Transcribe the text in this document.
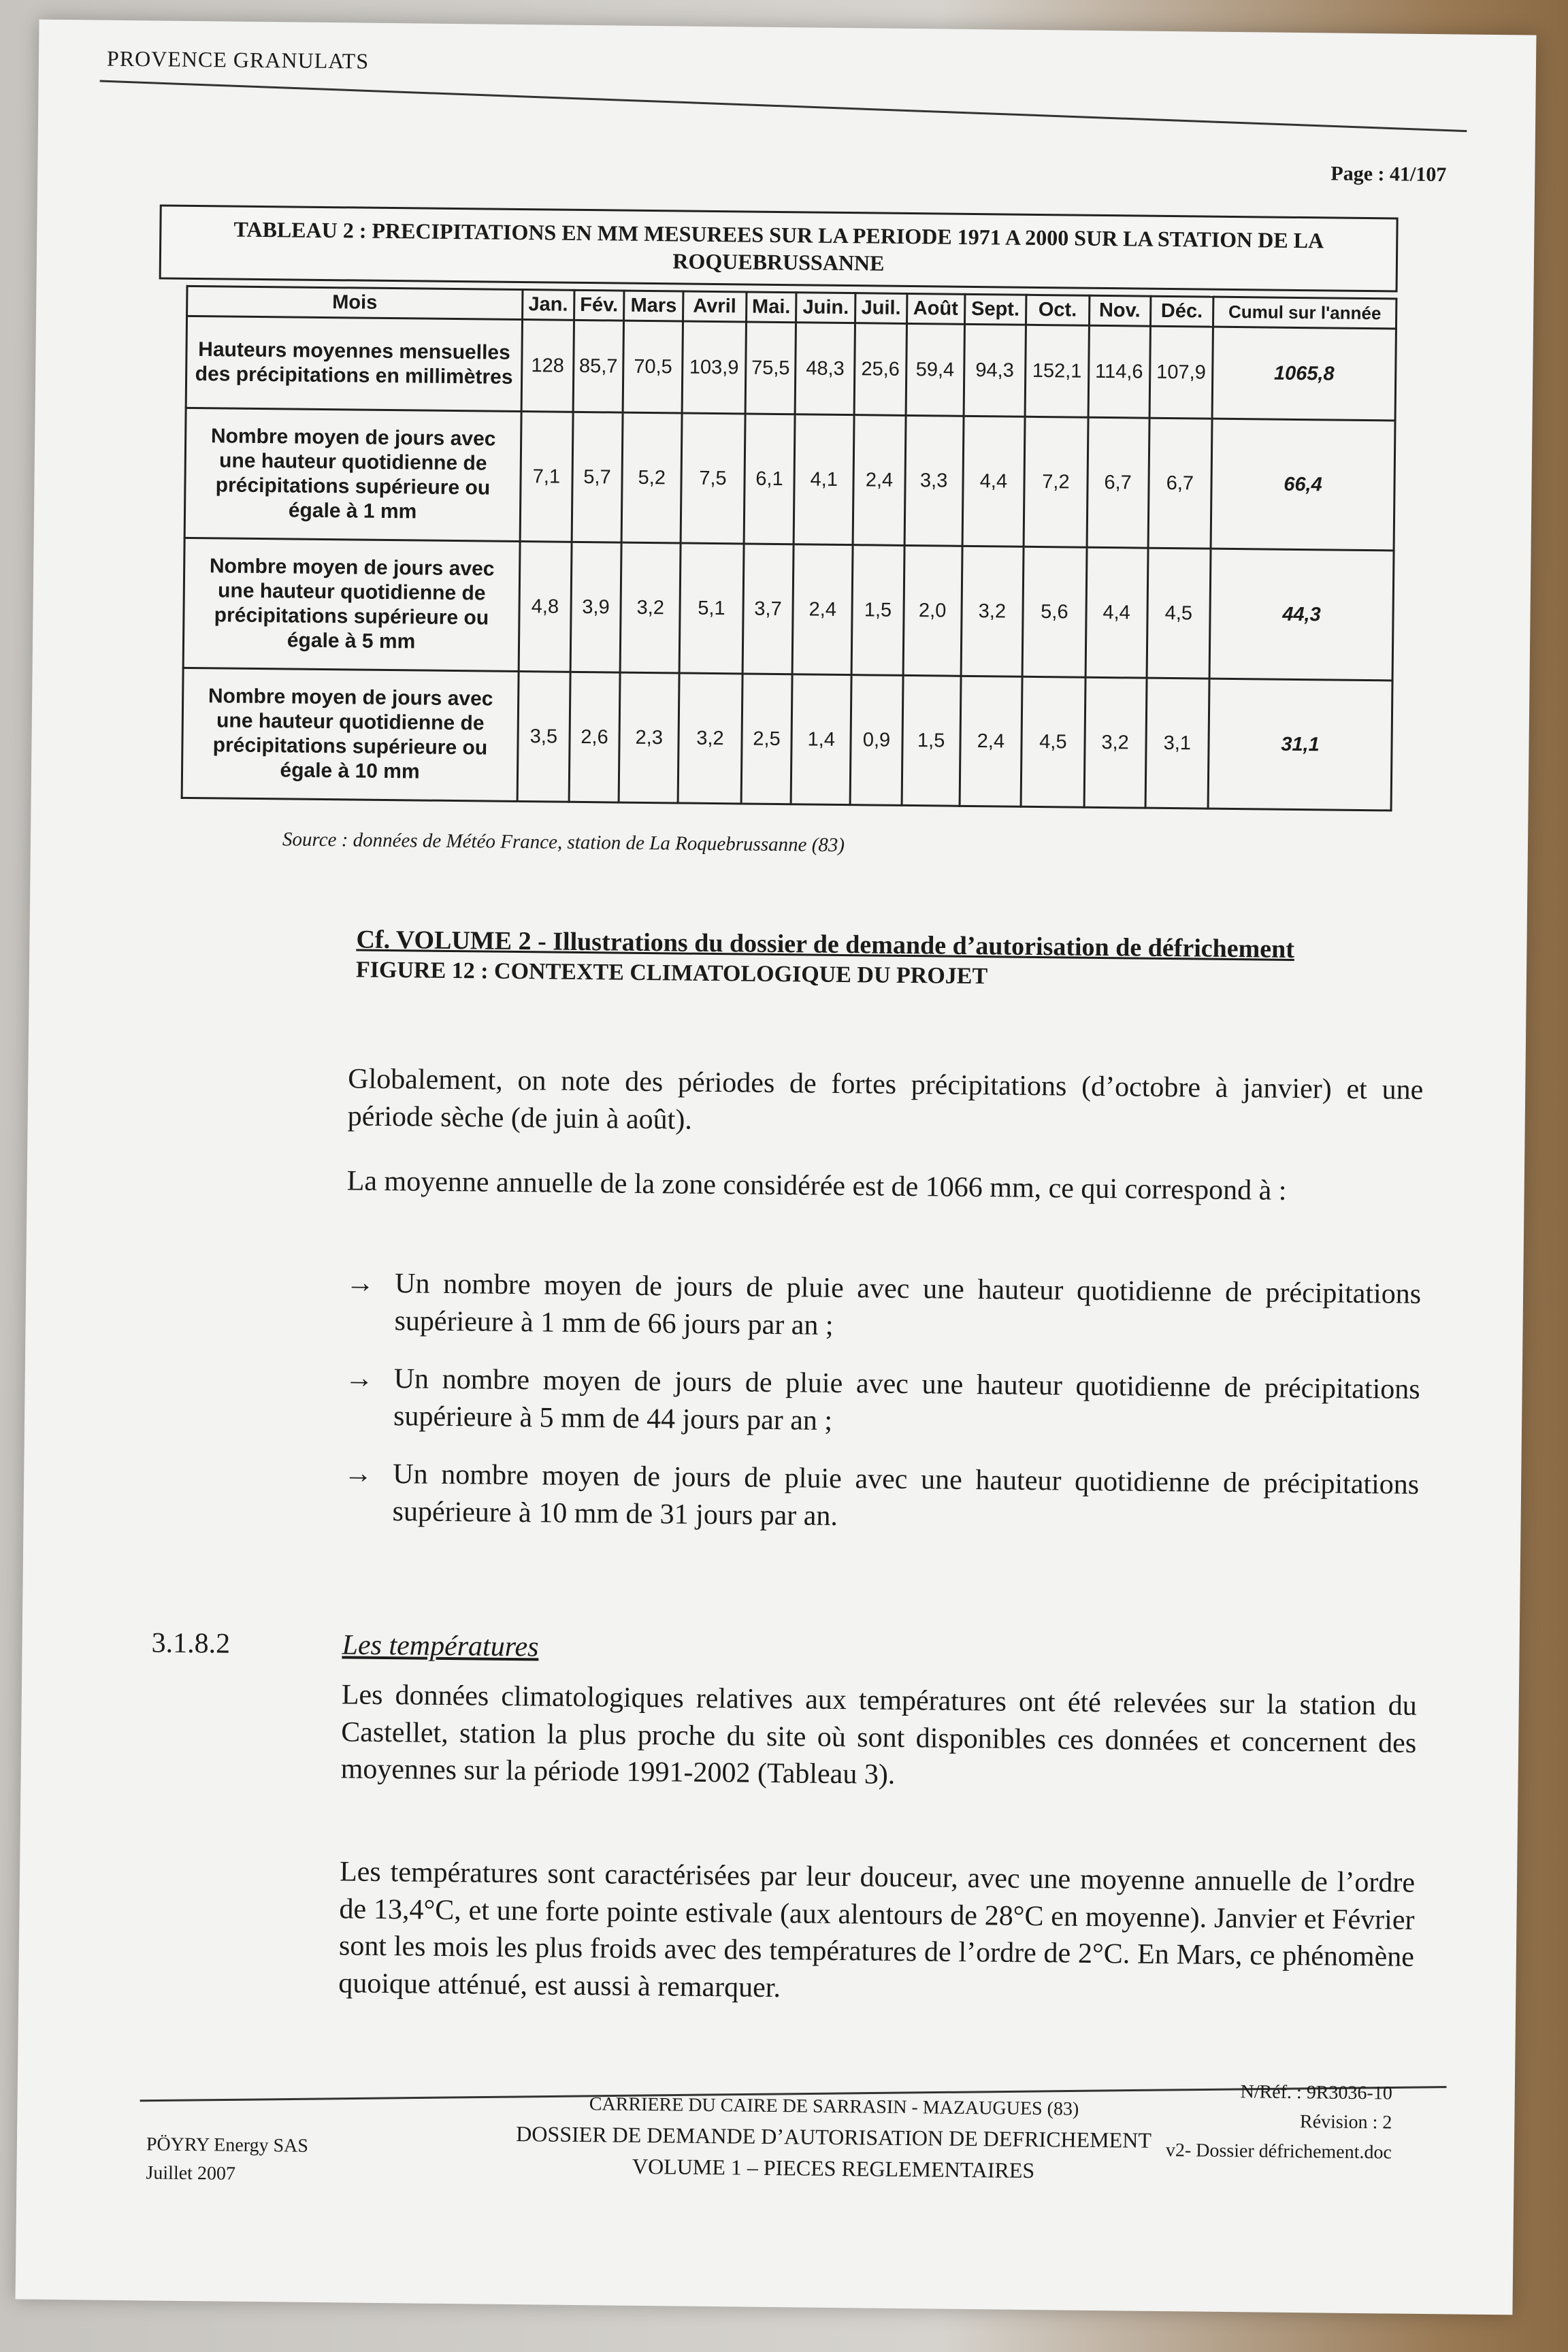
PROVENCE GRANULATS
Page : 41/107
TABLEAU 2 : PRECIPITATIONS EN MM MESUREES SUR LA PERIODE 1971 A 2000 SUR LA STATION DE LA ROQUEBRUSSANNE
Mois	Jan.	Fév.	Mars	Avril	Mai.	Juin.	Juil.	Août	Sept.	Oct.	Nov.	Déc.	Cumul sur l'année
Hauteurs moyennes mensuelles des précipitations en millimètres	128	85,7	70,5	103,9	75,5	48,3	25,6	59,4	94,3	152,1	114,6	107,9	1065,8
Nombre moyen de jours avec une hauteur quotidienne de précipitations supérieure ou égale à 1 mm	7,1	5,7	5,2	7,5	6,1	4,1	2,4	3,3	4,4	7,2	6,7	6,7	66,4
Nombre moyen de jours avec une hauteur quotidienne de précipitations supérieure ou égale à 5 mm	4,8	3,9	3,2	5,1	3,7	2,4	1,5	2,0	3,2	5,6	4,4	4,5	44,3
Nombre moyen de jours avec une hauteur quotidienne de précipitations supérieure ou égale à 10 mm	3,5	2,6	2,3	3,2	2,5	1,4	0,9	1,5	2,4	4,5	3,2	3,1	31,1
Source : données de Météo France, station de La Roquebrussanne (83)
Cf. VOLUME 2 - Illustrations du dossier de demande d’autorisation de défrichement
FIGURE 12 : CONTEXTE CLIMATOLOGIQUE DU PROJET
Globalement, on note des périodes de fortes précipitations (d’octobre à janvier) et une période sèche (de juin à août).
La moyenne annuelle de la zone considérée est de 1066 mm, ce qui correspond à :
→ Un nombre moyen de jours de pluie avec une hauteur quotidienne de précipitations supérieure à 1 mm de 66 jours par an ;
→ Un nombre moyen de jours de pluie avec une hauteur quotidienne de précipitations supérieure à 5 mm de 44 jours par an ;
→ Un nombre moyen de jours de pluie avec une hauteur quotidienne de précipitations supérieure à 10 mm de 31 jours par an.
3.1.8.2	Les températures
Les données climatologiques relatives aux températures ont été relevées sur la station du Castellet, station la plus proche du site où sont disponibles ces données et concernent des moyennes sur la période 1991-2002 (Tableau 3).
Les températures sont caractérisées par leur douceur, avec une moyenne annuelle de l’ordre de 13,4°C, et une forte pointe estivale (aux alentours de 28°C en moyenne). Janvier et Février sont les mois les plus froids avec des températures de l’ordre de 2°C. En Mars, ce phénomène quoique atténué, est aussi à remarquer.
PÖYRY Energy SAS
Juillet 2007
CARRIERE DU CAIRE DE SARRASIN - MAZAUGUES (83)
DOSSIER DE DEMANDE D’AUTORISATION DE DEFRICHEMENT
VOLUME 1 – PIECES REGLEMENTAIRES
N/Réf. : 9R3036-10
Révision : 2
v2- Dossier défrichement.doc
